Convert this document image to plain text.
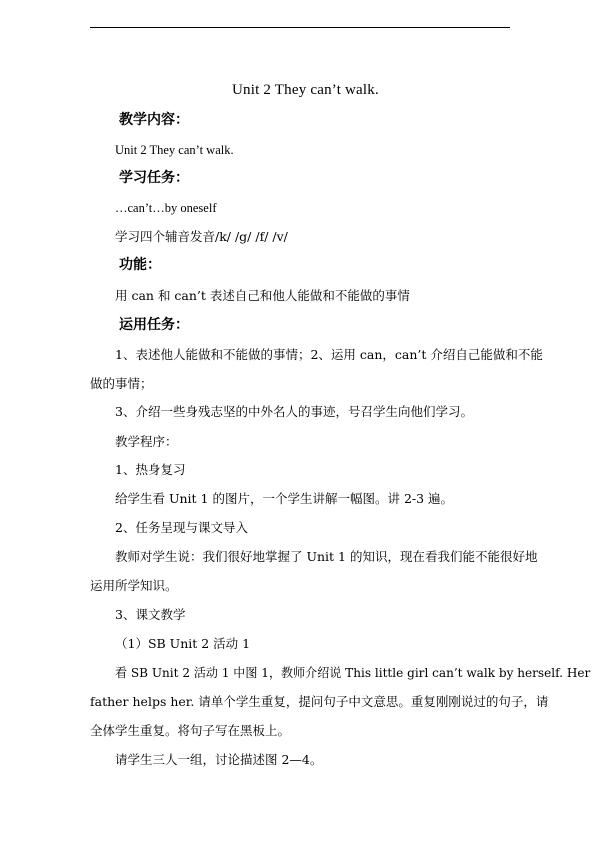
Unit 2 They can’t walk.
教学内容：
Unit 2 They can’t walk.
学习任务：
…can’t…by oneself
学习四个辅音发音/k/ /g/ /f/ /v/
功能：
用 can 和 can’t 表述自己和他人能做和不能做的事情
运用任务：
1、表述他人能做和不能做的事情；2、运用 can，can’t 介绍自己能做和不能
做的事情；
3、介绍一些身残志坚的中外名人的事迹，号召学生向他们学习。
教学程序：
1、热身复习
给学生看 Unit 1 的图片，一个学生讲解一幅图。讲 2-3 遍。
2、任务呈现与课文导入
教师对学生说：我们很好地掌握了 Unit 1 的知识，现在看我们能不能很好地
运用所学知识。
3、课文教学
（1）SB Unit 2 活动 1
看 SB Unit 2 活动 1 中图 1，教师介绍说 This little girl can’t walk by herself. Her
father helps her. 请单个学生重复，提问句子中文意思。重复刚刚说过的句子，请
全体学生重复。将句子写在黑板上。
请学生三人一组，讨论描述图 2—4。
